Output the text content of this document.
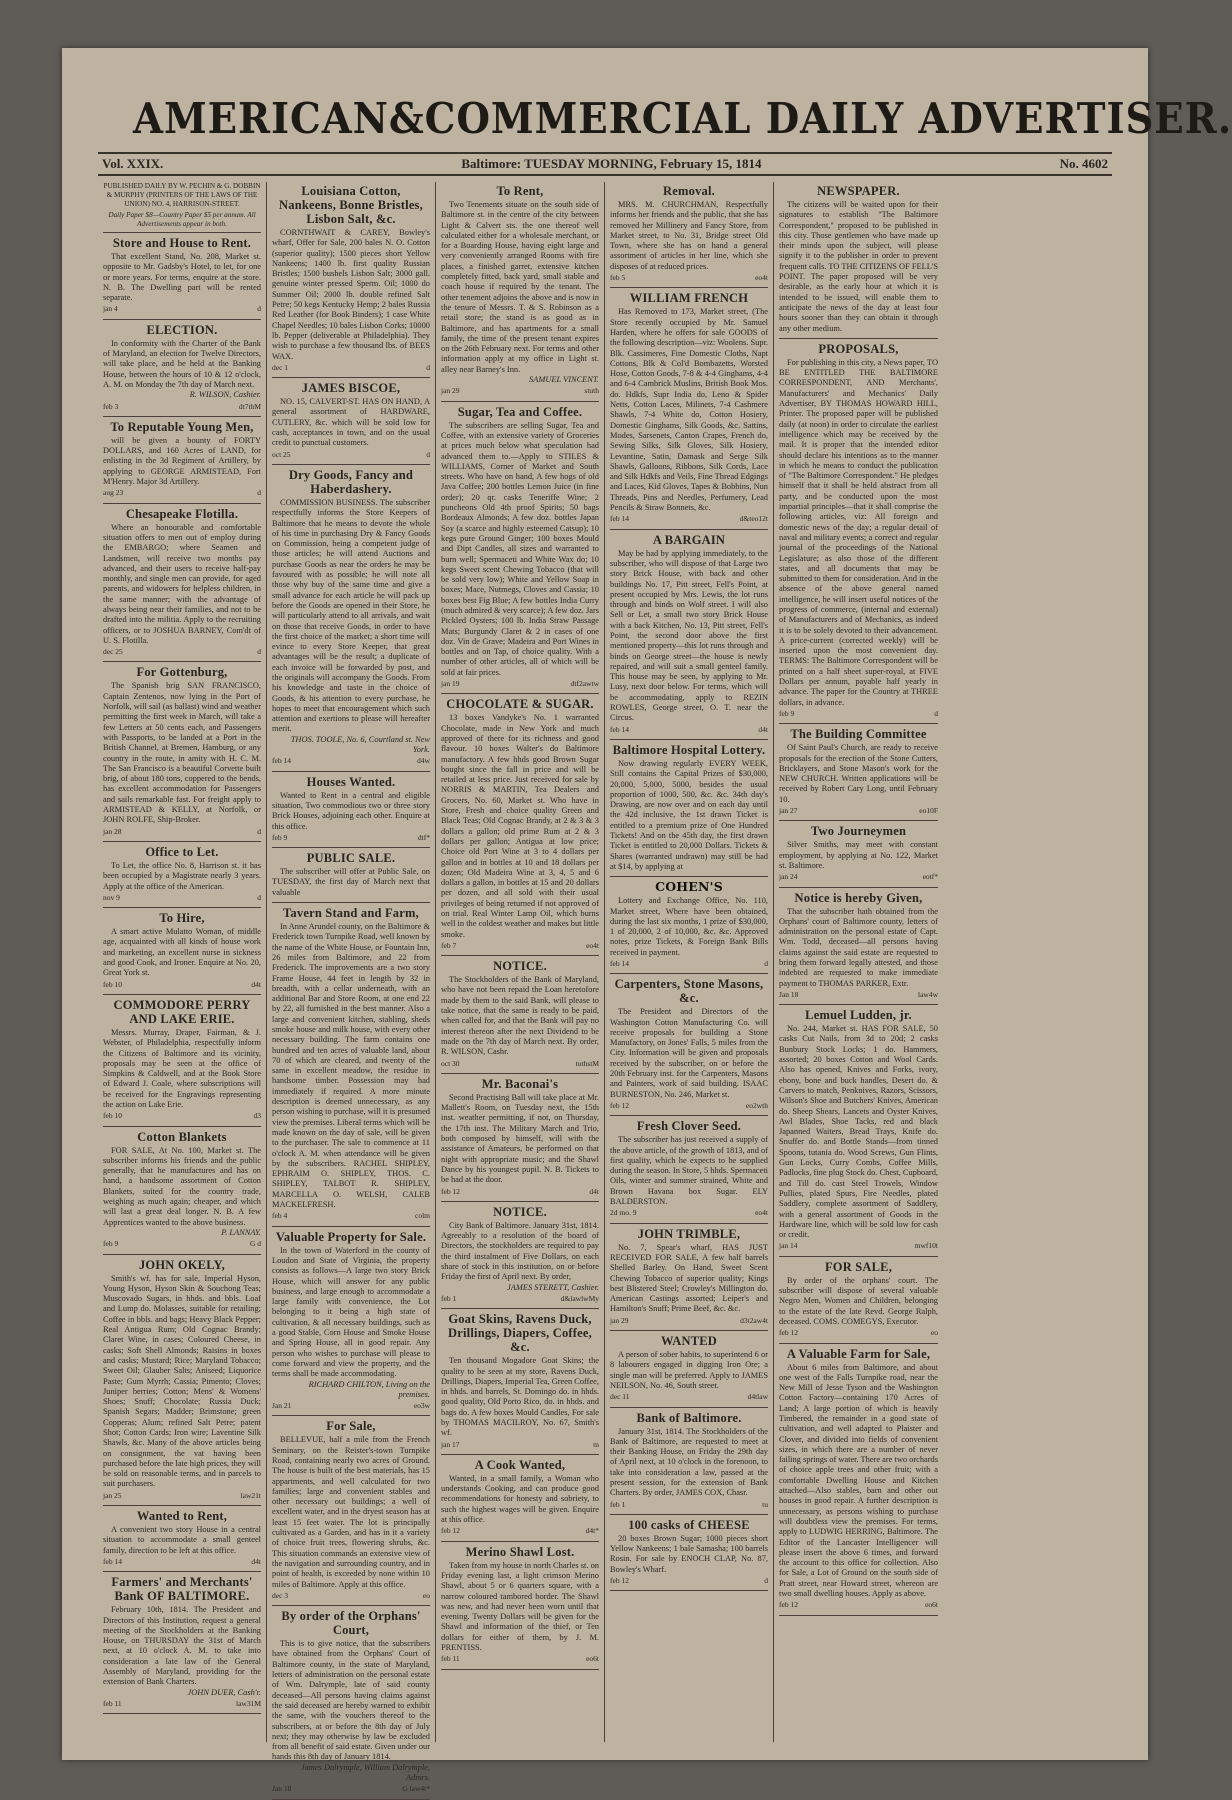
AMERICAN&COMMERCIAL DAILY ADVERTISER.
Vol. XXIX.	Baltimore: TUESDAY MORNING, February 15, 1814	No. 4602
PUBLISHED DAILY BY W. PECHIN & G. DOBBIN & MURPHY (PRINTERS OF THE LAWS OF THE UNION) NO. 4, HARRISON-STREET.
Daily Paper $8—Country Paper $5 per annum. All Advertisements appear in both.
Store and House to Rent.

That excellent Stand, No. 208, Market st. opposite to Mr. Gadsby's Hotel, to let, for one or more years. For terms, enquire at the store. N. B. The Dwelling part will be rented separate.

jan 4	d
ELECTION.

In conformity with the Charter of the Bank of Maryland, an election for Twelve Directors, will take place, and be held at the Banking House, between the hours of 10 & 12 o'clock, A. M. on Monday the 7th day of March next.

R. WILSON, Cashier.

feb 3	dt7thM
To Reputable Young Men,

will be given a bounty of FORTY DOLLARS, and 160 Acres of LAND, for enlisting in the 3d Regiment of Artillery, by applying to GEORGE ARMISTEAD, Fort M'Henry. Major 3d Artillery.

aug 23	d
Chesapeake Flotilla.

Where an honourable and comfortable situation offers to men out of employ during the EMBARGO; where Seamen and Landsmen, will receive two months pay advanced, and their users to receive half-pay monthly, and single men can provide, for aged parents, and widowers for helpless children, in the same manner; with the advantage of always being near their families, and not to be drafted into the militia. Apply to the recruiting officers, or to JOSHUA BARNEY, Com'dt of U. S. Flotilla.

dec 25	d
For Gottenburg,

The Spanish brig SAN FRANCISCO, Captain Zentenos, now lying in the Port of Norfolk, will sail (as ballast) wind and weather permitting the first week in March, will take a few Letters at 50 cents each, and Passengers with Passports, to be landed at a Port in the British Channel, at Bremen, Hamburg, or any country in the route, in amity with H. C. M. The San Francisco is a beautiful Corvette built brig, of about 180 tons, coppered to the bends, has excellent accommodation for Passengers and sails remarkable fast. For freight apply to ARMISTEAD & KELLY, at Norfolk, or JOHN ROLFE, Ship-Broker.

jan 28	d
Office to Let.

To Let, the office No. 8, Harrison st. it has been occupied by a Magistrate nearly 3 years. Apply at the office of the American.

nov 9	d
To Hire,

A smart active Mulatto Woman, of middle age, acquainted with all kinds of house work and marketing, an excellent nurse in sickness and good Cook, and Ironer. Enquire at No. 20, Great York st.

feb 10	d4t
COMMODORE PERRY AND LAKE ERIE.

Messrs. Murray, Draper, Fairman, & J. Webster, of Philadelphia, respectfully inform the Citizens of Baltimore and its vicinity, proposals may be seen at the office of Simpkins & Caldwell, and at the Book Store of Edward J. Coale, where subscriptions will be received for the Engravings representing the action on Lake Erie.

feb 10	d3
Cotton Blankets

FOR SALE, At No. 100, Market st. The subscriber informs his friends and the public generally, that he manufactures and has on hand, a handsome assortment of Cotton Blankets, suited for the country trade, weighing as much again; cheaper, and which will last a great deal longer. N. B. A few Apprentices wanted to the above business.

P. LANNAY.

feb 9	G d
JOHN OKELY,

Smith's wf. has for sale, Imperial Hyson, Young Hyson, Hyson Skin & Souchong Teas; Muscovado Sugars, in hhds. and bbls. Loaf and Lump do. Molasses, suitable for retailing; Coffee in bbls. and bags; Heavy Black Pepper; Real Antigua Rum; Old Cognac Brandy; Claret Wine, in cases; Coloured Cheese, in casks; Soft Shell Almonds; Raisins in boxes and casks; Mustard; Rice; Maryland Tobacco; Sweet Oil; Glauber Salts; Aniseed; Liquorice Paste; Gum Myrrh; Cassia; Pimento; Cloves; Juniper berries; Cotton; Mens' & Womens' Shoes; Snuff; Chocolate; Russia Duck; Spanish Segars; Madder; Brimstone; green Copperas; Alum; refined Salt Petre; patent Shot; Cotton Cards; Iron wire; Laventine Silk Shawls, &c. Many of the above articles being on consignment, the vat having been purchased before the late high prices, they will be sold on reasonable terms, and in parcels to suit purchasers.

jan 25	law21t
Wanted to Rent,

A convenient two story House in a central situation to accommodate a small genteel family, direction to be left at this office.

feb 14	d4t
Farmers' and Merchants' Bank OF BALTIMORE.

February 10th, 1814. The President and Directors of this Institution, request a general meeting of the Stockholders at the Banking House, on THURSDAY the 31st of March next, at 10 o'clock A. M. to take into consideration a late law of the General Assembly of Maryland, providing for the extension of Bank Charters.

JOHN DUER, Cash'r.

feb 11	law31M
Louisiana Cotton, Nankeens, Bonne Bristles, Lisbon Salt, &c.

CORNTHWAIT & CAREY, Bowley's wharf, Offer for Sale, 200 bales N. O. Cotton (superior quality); 1500 pieces short Yellow Nankeens; 1400 lb. first quality Russian Bristles; 1500 bushels Lisbon Salt; 3000 gall. genuine winter pressed Sperm. Oil; 1000 do Summer Oil; 2000 lb. double refined Salt Petre; 50 kegs Kentucky Hemp; 2 bales Russia Red Leather (for Book Binders); 1 case White Chapel Needles; 10 bales Lisbon Corks; 10000 lb. Pepper (deliverable at Philadelphia). They wish to purchase a few thousand lbs. of BEES WAX.

dec 1	d
JAMES BISCOE,

NO. 15, CALVERT-ST. HAS ON HAND, A general assortment of HARDWARE, CUTLERY, &c. which will be sold low for cash, acceptances in town, and on the usual credit to punctual customers.

oct 25	d
Dry Goods, Fancy and Haberdashery.

COMMISSION BUSINESS. The subscriber respectfully informs the Store Keepers of Baltimore that he means to devote the whole of his time in purchasing Dry & Fancy Goods on Commission, being a competent judge of those articles; he will attend Auctions and purchase Goods as near the orders he may be favoured with as possible; he will note all those why buy of the same time and give a small advance for each article he will pack up before the Goods are opened in their Store, he will particularly attend to all arrivals, and wait on those that receive Goods, in order to have the first choice of the market; a short time will evince to every Store Keeper, that great advantages will be the result; a duplicate of each invoice will be forwarded by post, and the originals will accompany the Goods. From his knowledge and taste in the choice of Goods, & his attention to every purchase, he hopes to meet that encouragement which such attention and exertions to please will hereafter merit.

THOS. TOOLE, No. 6, Courtland st. New York.

feb 14	d4w
Houses Wanted.

Wanted to Rent in a central and eligible situation, Two commodious two or three story Brick Houses, adjoining each other. Enquire at this office.

feb 9	dtf*
PUBLIC SALE.

The subscriber will offer at Public Sale, on TUESDAY, the first day of March next that valuable

Tavern Stand and Farm,

In Anne Arundel county, on the Baltimore & Frederick town Turnpike Road, well known by the name of the White House, or Fountain Inn, 26 miles from Baltimore, and 22 from Frederick. The improvements are a two story Frame House, 44 feet in length by 32 in breadth, with a cellar underneath, with an additional Bar and Store Room, at one end 22 by 22, all furnished in the best manner. Also a large and convenient kitchen, stabling, sheds smoke house and milk house, with every other necessary building. The farm contains one hundred and ten acres of valuable land, about 70 of which are cleared, and twenty of the same in excellent meadow, the residue in handsome timber. Possession may had immediately if required. A more minute description is deemed unnecessary, as any person wishing to purchase, will it is presumed view the premises. Liberal terms which will be made known on the day of sale, will be given to the purchaser. The sale to commence at 11 o'clock A. M. when attendance will be given by the subscribers. RACHEL SHIPLEY, EPHRAIM O. SHIPLEY, THOS. C. SHIPLEY, TALBOT R. SHIPLEY, MARCELLA O. WELSH, CALEB MACKELFRESH.

feb 4	colm
Valuable Property for Sale.

In the town of Waterford in the county of Loudon and State of Virginia, the property consists as follows—A large two story Brick House, which will answer for any public business, and large enough to accommodate a large family with convenience, the Lot belonging to it being a high state of cultivation, & all necessary buildings, such as a good Stable, Corn House and Smoke House and Spring House, all in good repair. Any person who wishes to purchase will please to come forward and view the property, and the terms shall be made accommodating.

RICHARD CHILTON, Living on the premises.

Jan 21	eo3w
For Sale,

BELLEVUE, half a mile from the French Seminary, on the Reister's-town Turnpike Road, containing nearly two acres of Ground. The house is built of the best materials, has 15 appartments, and well calculated for two families; large and convenient stables and other necessary out buildings; a well of excellent water, and in the dryest season has at least 15 feet water. The lot is principally cultivated as a Garden, and has in it a variety of choice fruit trees, flowering shrubs, &c. This situation commands an extensive view of the navigation and surrounding country, and in point of health, is exceeded by none within 10 miles of Baltimore. Apply at this office.

dec 3	eo
By order of the Orphans' Court,

This is to give notice, that the subscribers have obtained from the Orphans' Court of Baltimore county, in the state of Maryland, letters of administration on the personal estate of Wm. Dalrymple, late of said county deceased—All persons having claims against the said deceased are hereby warned to exhibit the same, with the vouchers thereof to the subscribers, at or before the 8th day of July next; they may otherwise by law be excluded from all benefit of said estate. Given under our hands this 8th day of January 1814.

James Dalrymple, William Dalrymple, Admrs.

Jan 18	G law4t*
To Rent,

Two Tenements situate on the south side of Baltimore st. in the centre of the city between Light & Calvert sts. the one thereof well calculated either for a wholesale merchant, or for a Boarding House, having eight large and very conveniently arranged Rooms with fire places, a finished garret, extensive kitchen completely fitted, back yard, small stable and coach house if required by the tenant. The other tenement adjoins the above and is now in the tenure of Messrs. T. & S. Robinson as a retail store; the stand is as good as in Baltimore, and has apartments for a small family, the time of the present tenant expires on the 26th February next. For terms and other information apply at my office in Light st. alley near Barney's Inn.

SAMUEL VINCENT.

jan 29	stuth
Sugar, Tea and Coffee.

The subscribers are selling Sugar, Tea and Coffee, with an extensive variety of Groceries at prices much below what speculation had advanced them to.—Apply to STILES & WILLIAMS, Corner of Market and South streets. Who have on hand, A few hogs of old Java Coffee; 200 bottles Lemon Juice (in fine order); 20 qr. casks Teneriffe Wine; 2 puncheons Old 4th proof Spirits; 50 bags Bordeaux Almonds; A few doz. bottles Japan Soy (a scarce and highly esteemed Catsup); 10 kegs pure Ground Ginger; 100 boxes Mould and Dipt Candles, all sizes and warranted to burn well; Spermaceti and White Wax do; 10 kegs Sweet scent Chewing Tobacco (that will be sold very low); White and Yellow Soap in boxes; Mace, Nutmegs, Cloves and Cassia; 10 boxes best Fig Blue; A few bottles India Curry (much admired & very scarce); A few doz. Jars Pickled Oysters; 100 lb. India Straw Passage Mats; Burgundy Claret & 2 in cases of one doz. Vin de Grave; Madeira and Port Wines in bottles and on Tap, of choice quality. With a number of other articles, all of which will be sold at fair prices.

jan 19	dtf2awtw
CHOCOLATE & SUGAR.

13 boxes Vandyke's No. 1 warranted Chocolate, made in New York and much approved of there for its richness and good flavour. 10 boxes Walter's do Baltimore manufactory. A few hhds good Brown Sugar bought since the fall in price and will be retailed at less price. Just received for sale by NORRIS & MARTIN, Tea Dealers and Grocers, No. 60, Market st. Who have in Store, Fresh and choice quality Green and Black Teas; Old Cognac Brandy, at 2 & 3 & 3 dollars a gallon; old prime Rum at 2 & 3 dollars per gallon; Antigua at low price; Choice old Port Wine at 3 to 4 dollars per gallon and in bottles at 10 and 18 dollars per dozen; Old Madeira Wine at 3, 4, 5 and 6 dollars a gallon, in bottles at 15 and 20 dollars per dozen, and all sold with their usual privileges of being returned if not approved of on trial. Real Winter Lamp Oil, which burns well in the coldest weather and makes but little smoke.

feb 7	eo4t
NOTICE.

The Stockholders of the Bank of Maryland, who have not been repaid the Loan heretofore made by them to the said Bank, will please to take notice, that the same is ready to be paid, when called for, and that the Bank will pay no interest thereon after the next Dividend to be made on the 7th day of March next. By order, R. WILSON, Cashr.

oct 30	tuthstM
Mr. Baconai's

Second Practising Ball will take place at Mr. Mallett's Room, on Tuesday next, the 15th inst. weather permitting, if not, on Thursday, the 17th inst. The Military March and Trio, both composed by himself, will with the assistance of Amateurs, be performed on that night with appropriate music; and the Shawl Dance by his youngest pupil. N. B. Tickets to be had at the door.

feb 12	d4t
NOTICE.

City Bank of Baltimore. January 31st, 1814. Agreeably to a resolution of the board of Directors, the stockholders are required to pay the third instalment of Five Dollars, on each share of stock in this institution, on or before Friday the first of April next. By order,

JAMES STERETT, Cashier.

feb 1	d&lawlwMy
Goat Skins, Ravens Duck, Drillings, Diapers, Coffee, &c.

Ten thousand Mogadore Goat Skins; the quality to be seen at my store, Ravens Duck, Drillings, Diapers, Imperial Tea, Green Coffee, in hhds. and barrels, St. Domingo do. in hhds. good quality, Old Porto Rico, do. in hhds. and bags do. A few boxes Mould Candles, For sale by THOMAS MACILROY, No. 67, Smith's wf.

jan 17	m
A Cook Wanted,

Wanted, in a small family, a Woman who understands Cooking, and can produce good recommendations for honesty and sobriety, to such the highest wages will be given. Enquire at this office.

feb 12	d4t*
Merino Shawl Lost.

Taken from my house in north Charles st. on Friday evening last, a light crimson Merino Shawl, about 5 or 6 quarters square, with a narrow coloured tambored border. The Shawl was new, and had never been worn until that evening. Twenty Dollars will be given for the Shawl and information of the thief, or Ten dollars for either of them, by J. M. PRENTISS.

feb 11	eo6t
Removal.

MRS. M. CHURCHMAN, Respectfully informs her friends and the public, that she has removed her Millinery and Fancy Store, from Market street, to No. 31, Bridge street Old Town, where she has on hand a general assortment of articles in her line, which she disposes of at reduced prices.

feb 5	eo4t
WILLIAM FRENCH

Has Removed to 173, Market street, (The Store recently occupied by Mr. Samuel Harden, where he offers for sale GOODS of the following description—viz: Woolens. Supr. Blk. Cassimeres, Fine Domestic Cloths, Napt Cottons, Blk & Col'd Bombazetts, Worsted Hose, Cotton Goods, 7-8 & 4-4 Ginghams, 4-4 and 6-4 Cambrick Muslins, British Book Mos. do. Hdkfs, Supr India do, Leno & Spider Netts, Cotton Laces, Milinets, 7-4 Cashmere Shawls, 7-4 White do, Cotton Hosiery, Domestic Ginghams, Silk Goods, &c. Sattins, Modes, Sarsenets, Canton Crapes, French do, Sewing Silks, Silk Gloves, Silk Hosiery, Levantine, Satin, Damask and Serge Silk Shawls, Galloons, Ribbons, Silk Cords, Lace and Silk Hdkfs and Veils, Fine Thread Edgings and Laces, Kid Gloves, Tapes & Bobbins, Nun Threads, Pins and Needles, Perfumery, Lead Pencils & Straw Bonnets, &c.

feb 14	d&teo12t
A BARGAIN

May be had by applying immediately, to the subscriber, who will dispose of that Large two story Brick House, with back and other buildings No. 17, Pitt street, Fell's Point, at present occupied by Mrs. Lewis, the lot runs through and binds on Wolf street. I will also Sell or Let, a small two story Brick House with a back Kitchen, No. 13, Pitt street, Fell's Point, the second door above the first mentioned property—this lot runs through and binds on George street—the house is newly repaired, and will suit a small genteel family. This house may be seen, by applying to Mr. Lusy, next door below. For terms, which will be accommodating, apply to REZIN ROWLES, George street, O. T. near the Circus.

feb 14	d4t
Baltimore Hospital Lottery.

Now drawing regularly EVERY WEEK, Still contains the Capital Prizes of $30,000, 20,000, 5,000, 5000, besides the usual proportion of 1000, 500, &c. &c. 34th day's Drawing, are now over and on each day until the 42d inclusive, the 1st drawn Ticket is entitled to a premium prize of One Hundred Tickets! And on the 45th day, the first drawn Ticket is entitled to 20,000 Dollars. Tickets & Shares (warranted undrawn) may still be had at $14, by applying at

COHEN'S

Lottery and Exchange Office, No. 110, Market street, Where have been obtained, during the last six months, 1 prize of $30,000, 1 of 20,000, 2 of 10,000, &c. &c. Approved notes, prize Tickets, & Foreign Bank Bills received in payment.

feb 14	d
Carpenters, Stone Masons, &c.

The President and Directors of the Washington Cotton Manufacturing Co. will receive proposals for building a Stone Manufactory, on Jones' Falls, 5 miles from the City. Information will be given and proposals received by the subscriber, on or before the 20th February inst. for the Carpenters, Masons and Painters, work of said building. ISAAC BURNESTON, No. 246, Market st.

feb 12	eo2wth
Fresh Clover Seed.

The subscriber has just received a supply of the above article, of the growth of 1813, and of first quality, which he expects to be supplied during the season. In Store, 5 hhds. Spermaceti Oils, winter and summer strained, White and Brown Havana box Sugar. ELY BALDERSTON.

2d mo. 9	eo4t
JOHN TRIMBLE,

No. 7, Spear's wharf, HAS JUST RECEIVED FOR SALE, A few half barrels Shelled Barley. On Hand, Sweet Scent Chewing Tobacco of superior quality; Kings best Blistered Steel; Crowley's Millington do. American Castings assorted; Leiper's and Hamilton's Snuff; Prime Beef, &c. &c.

jan 29	d3t2aw4t
WANTED

A person of sober habits, to superintend 6 or 8 labourers engaged in digging Iron Ore; a single man will be preferred. Apply to JAMES NEILSON, No. 46, South street.

dec 11	d4tlaw
Bank of Baltimore.

January 31st, 1814. The Stockholders of the Bank of Baltimore, are requested to meet at their Banking House, on Friday the 29th day of April next, at 10 o'clock in the forenoon, to take into consideration a law, passed at the present session, for the extension of Bank Charters. By order, JAMES COX, Chasr.

feb 1	tu
100 casks of CHEESE

20 boxes Brown Sugar; 1000 pieces short Yellow Nankeens; 1 bale Samasha; 100 barrels Rosin. For sale by ENOCH CLAP, No. 87, Bowley's Wharf.

feb 12	d
NEWSPAPER.

The citizens will be waited upon for their signatures to establish "The Baltimore Correspondent," proposed to be published in this city. Those gentlemen who have made up their minds upon the subject, will please signify it to the publisher in order to prevent frequent calls. TO THE CITIZENS OF FELL'S POINT. The paper proposed will be very desirable, as the early hour at which it is intended to be issued, will enable them to anticipate the news of the day at least four hours sooner than they can obtain it through any other medium.

PROPOSALS,

For publishing in this city, a News paper, TO BE ENTITLED THE BALTIMORE CORRESPONDENT, AND Merchants', Manufacturers' and Mechanics' Daily Advertiser, BY THOMAS HOWARD HILL, Printer. The proposed paper will be published daily (at noon) in order to circulate the earliest intelligence which may be received by the mail. It is proper that the intended editor should declare his intentions as to the manner in which he means to conduct the publication of "The Baltimore Correspondent." He pledges himself that it shall be held abstract from all party, and be conducted upon the most impartial principles—that it shall comprise the following articles, viz: All foreign and domestic news of the day; a regular detail of naval and military events; a correct and regular journal of the proceedings of the National Legislature; as also those of the different states, and all documents that may be submitted to them for consideration. And in the absence of the above general named intelligence, he will insert useful notices of the progress of commerce, (internal and external) of Manufacturers and of Mechanics, as indeed it is to be solely devoted to their advancement. A price-current (corrected weekly) will be inserted upon the most convenient day. TERMS: The Baltimore Correspondent will be printed on a half sheet super-royal, at FIVE Dollars per annum, payable half yearly in advance. The paper for the Country at THREE dollars, in advance.

feb 9	d
The Building Committee

Of Saint Paul's Church, are ready to receive proposals for the erection of the Stone Cutters, Bricklayers, and Stone Mason's work for the NEW CHURCH. Written applications will be received by Robert Cary Long, until February 10.

jan 27	eo10F
Two Journeymen

Silver Smiths, may meet with constant employment, by applying at No. 122, Market st. Baltimore.

jan 24	eotf*
Notice is hereby Given,

That the subscriber hath obtained from the Orphans' court of Baltimore county, letters of administration on the personal estate of Capt. Wm. Todd, deceased—all persons having claims against the said estate are requested to bring them forward legally attested, and those indebted are requested to make immediate payment to THOMAS PARKER, Extr.

Jan 18	law4w
Lemuel Ludden, jr.

No. 244, Market st. HAS FOR SALE, 50 casks Cut Nails, from 3d to 20d; 2 casks Bunbury Stock Locks; 1 do. Hammers, assorted; 20 boxes Cotton and Wool Cards. Also has opened, Knives and Forks, ivory, ebony, bone and buck handles, Desert do. & Carvers to match, Penknives, Razors, Scissors, Wilson's Shoe and Butchers' Knives, American do. Sheep Shears, Lancets and Oyster Knives, Awl Blades, Shoe Tacks, red and black Japanned Waiters, Bread Trays, Knife do. Snuffer do. and Bottle Stands—from tinned Spoons, tutania do. Wood Screws, Gun Flints, Gun Locks, Curry Combs, Coffee Mills, Padlocks, fine plug Stock do. Chest, Cupboard, and Till do. cast Steel Trowels, Window Pullies, plated Spurs, Fire Needles, plated Saddlery, complete assortment of Saddlery, with a general assortment of Goods in the Hardware line, which will be sold low for cash or credit.

jan 14	mwf10t
FOR SALE,

By order of the orphans' court. The subscriber will dispose of several valuable Negro Men, Women and Children, belonging to the estate of the late Revd. George Ralph, deceased. COMS. COMEGYS, Executor.

feb 12	eo
A Valuable Farm for Sale,

About 6 miles from Baltimore, and about one west of the Falls Turnpike road, near the New Mill of Jesse Tyson and the Washington Cotton Factory—containing 170 Acres of Land; A large portion of which is heavily Timbered, the remainder in a good state of cultivation, and well adapted to Plaister and Clover, and divided into fields of convenient sizes, in which there are a number of never failing springs of water. There are two orchards of choice apple trees and other fruit; with a comfortable Dwelling House and Kitchen attached—Also stables, barn and other out houses in good repair. A further description is unnecessary, as persons wishing to purchase will doubtless view the premises. For terms, apply to LUDWIG HERRING, Baltimore. The Editor of the Lancaster Intelligencer will please insert the above 6 times, and forward the account to this office for collection. Also for Sale, a Lot of Ground on the south side of Pratt street, near Howard street, whereon are two small dwelling houses. Apply as above.

feb 12	eo6t
